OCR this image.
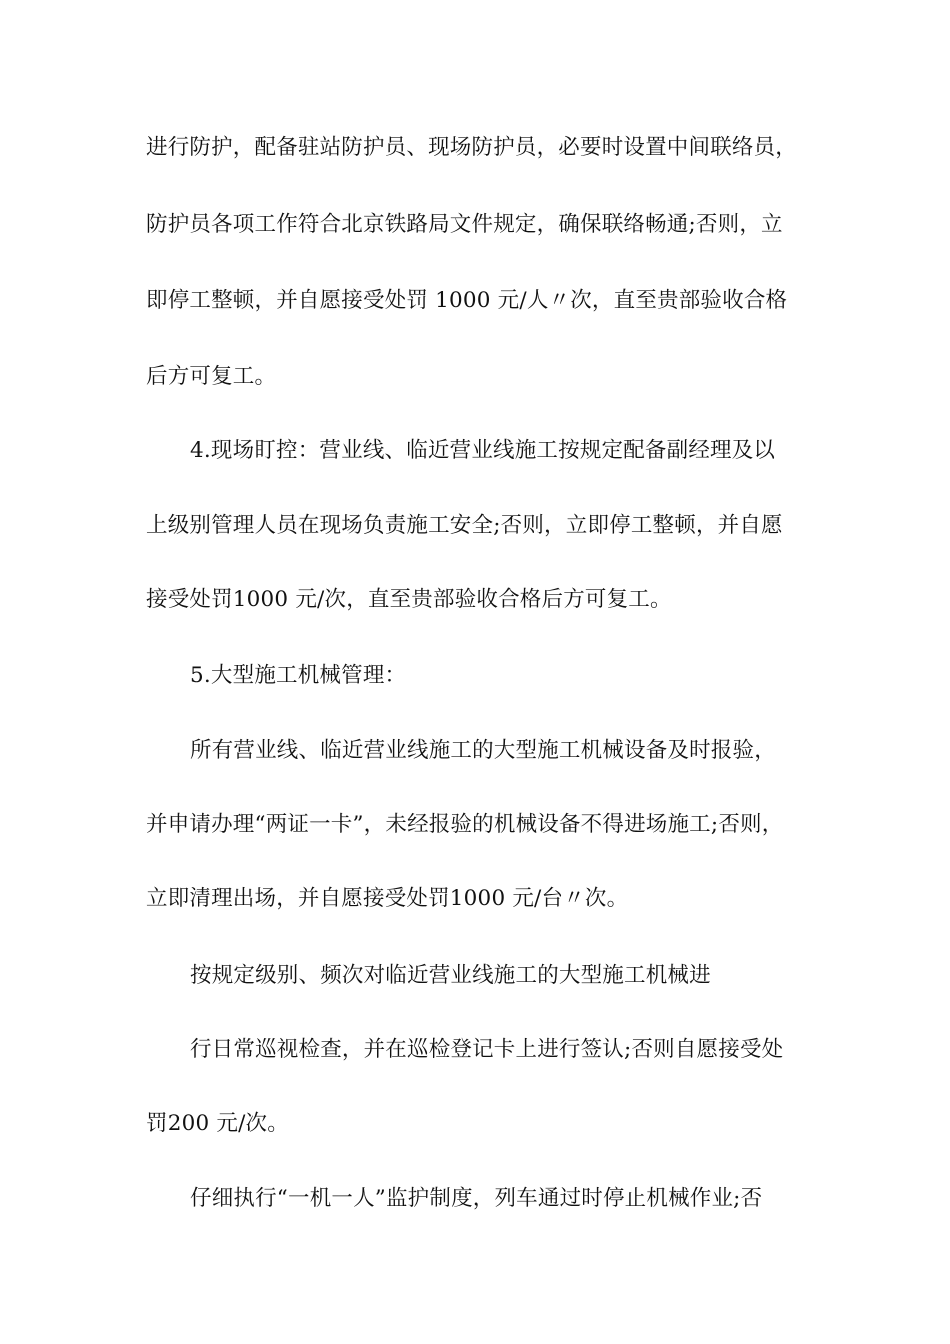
进行防护，配备驻站防护员、现场防护员，必要时设置中间联络员，
防护员各项工作符合北京铁路局文件规定，确保联络畅通;否则，立
即停工整顿，并自愿接受处罚 1000 元/人〃次，直至贵部验收合格
后方可复工。
4.现场盯控：营业线、临近营业线施工按规定配备副经理及以
上级别管理人员在现场负责施工安全;否则，立即停工整顿，并自愿
接受处罚1000 元/次，直至贵部验收合格后方可复工。
5.大型施工机械管理：
所有营业线、临近营业线施工的大型施工机械设备及时报验，
并申请办理“两证一卡”，未经报验的机械设备不得进场施工;否则，
立即清理出场，并自愿接受处罚1000 元/台〃次。
按规定级别、频次对临近营业线施工的大型施工机械进
行日常巡视检查，并在巡检登记卡上进行签认;否则自愿接受处
罚200 元/次。
仔细执行“一机一人”监护制度，列车通过时停止机械作业;否
